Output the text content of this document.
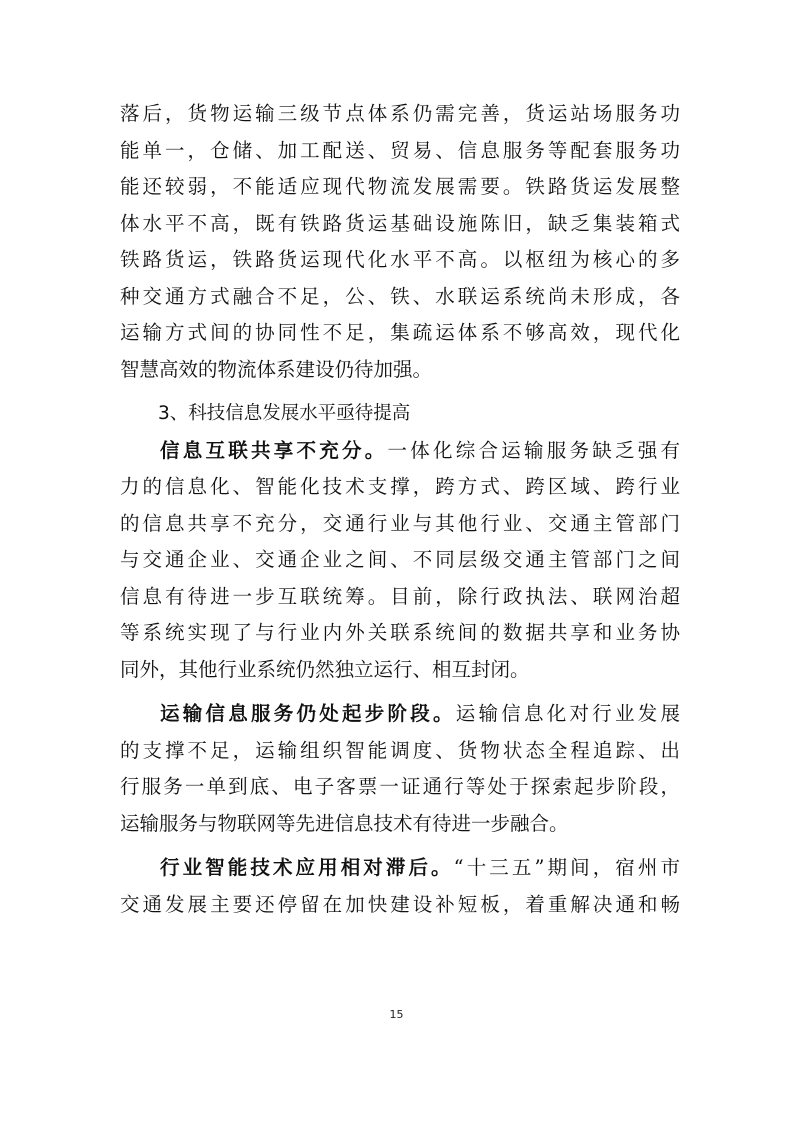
落后，货物运输三级节点体系仍需完善，货运站场服务功
能单一，仓储、加工配送、贸易、信息服务等配套服务功
能还较弱，不能适应现代物流发展需要。铁路货运发展整
体水平不高，既有铁路货运基础设施陈旧，缺乏集装箱式
铁路货运，铁路货运现代化水平不高。以枢纽为核心的多
种交通方式融合不足，公、铁、水联运系统尚未形成，各
运输方式间的协同性不足，集疏运体系不够高效，现代化
智慧高效的物流体系建设仍待加强。
3、科技信息发展水平亟待提高
信息互联共享不充分。一体化综合运输服务缺乏强有
力的信息化、智能化技术支撑，跨方式、跨区域、跨行业
的信息共享不充分，交通行业与其他行业、交通主管部门
与交通企业、交通企业之间、不同层级交通主管部门之间
信息有待进一步互联统筹。目前，除行政执法、联网治超
等系统实现了与行业内外关联系统间的数据共享和业务协
同外，其他行业系统仍然独立运行、相互封闭。
运输信息服务仍处起步阶段。运输信息化对行业发展
的支撑不足，运输组织智能调度、货物状态全程追踪、出
行服务一单到底、电子客票一证通行等处于探索起步阶段，
运输服务与物联网等先进信息技术有待进一步融合。
行业智能技术应用相对滞后。“十三五”期间，宿州市
交通发展主要还停留在加快建设补短板，着重解决通和畅
15
